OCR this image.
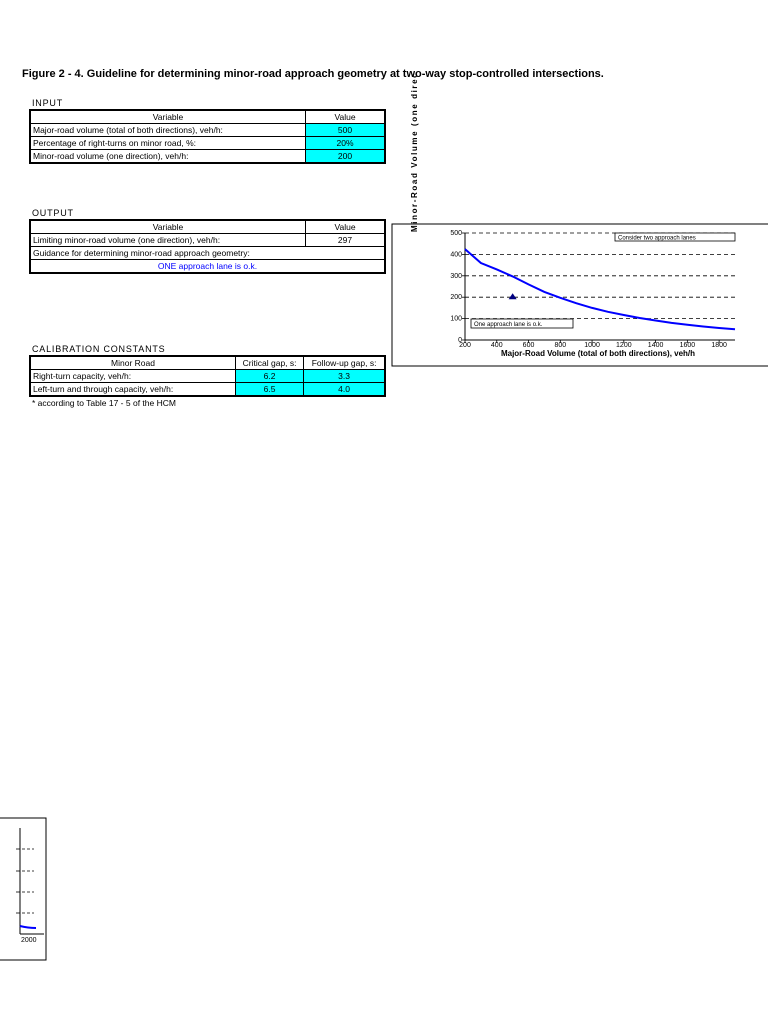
Figure 2 - 4. Guideline for determining minor-road approach geometry at two-way stop-controlled intersections.
INPUT
Variable	Value
Major-road volume (total of both directions), veh/h:	500
Percentage of right-turns on minor road, %:	20%
Minor-road volume (one direction), veh/h:	200
OUTPUT
Variable	Value
Limiting minor-road volume (one direction), veh/h:	297
Guidance for determining minor-road approach geometry:	
ONE approach lane is o.k.	
CALIBRATION CONSTANTS
Minor Road	Critical gap, s:	Follow-up gap, s:
Right-turn capacity, veh/h:	6.2	3.3
Left-turn and through capacity, veh/h:	6.5	4.0
* according to Table 17 - 5 of the HCM
0
100
200
300
400
500
200	400	600	800	1000 1200 1400 1600 1800
Minor-Road Volume (one direc
Major-Road Volume (total of both directions), veh/h
Consider two approach lanes
One approach lane is o.k.
2000
